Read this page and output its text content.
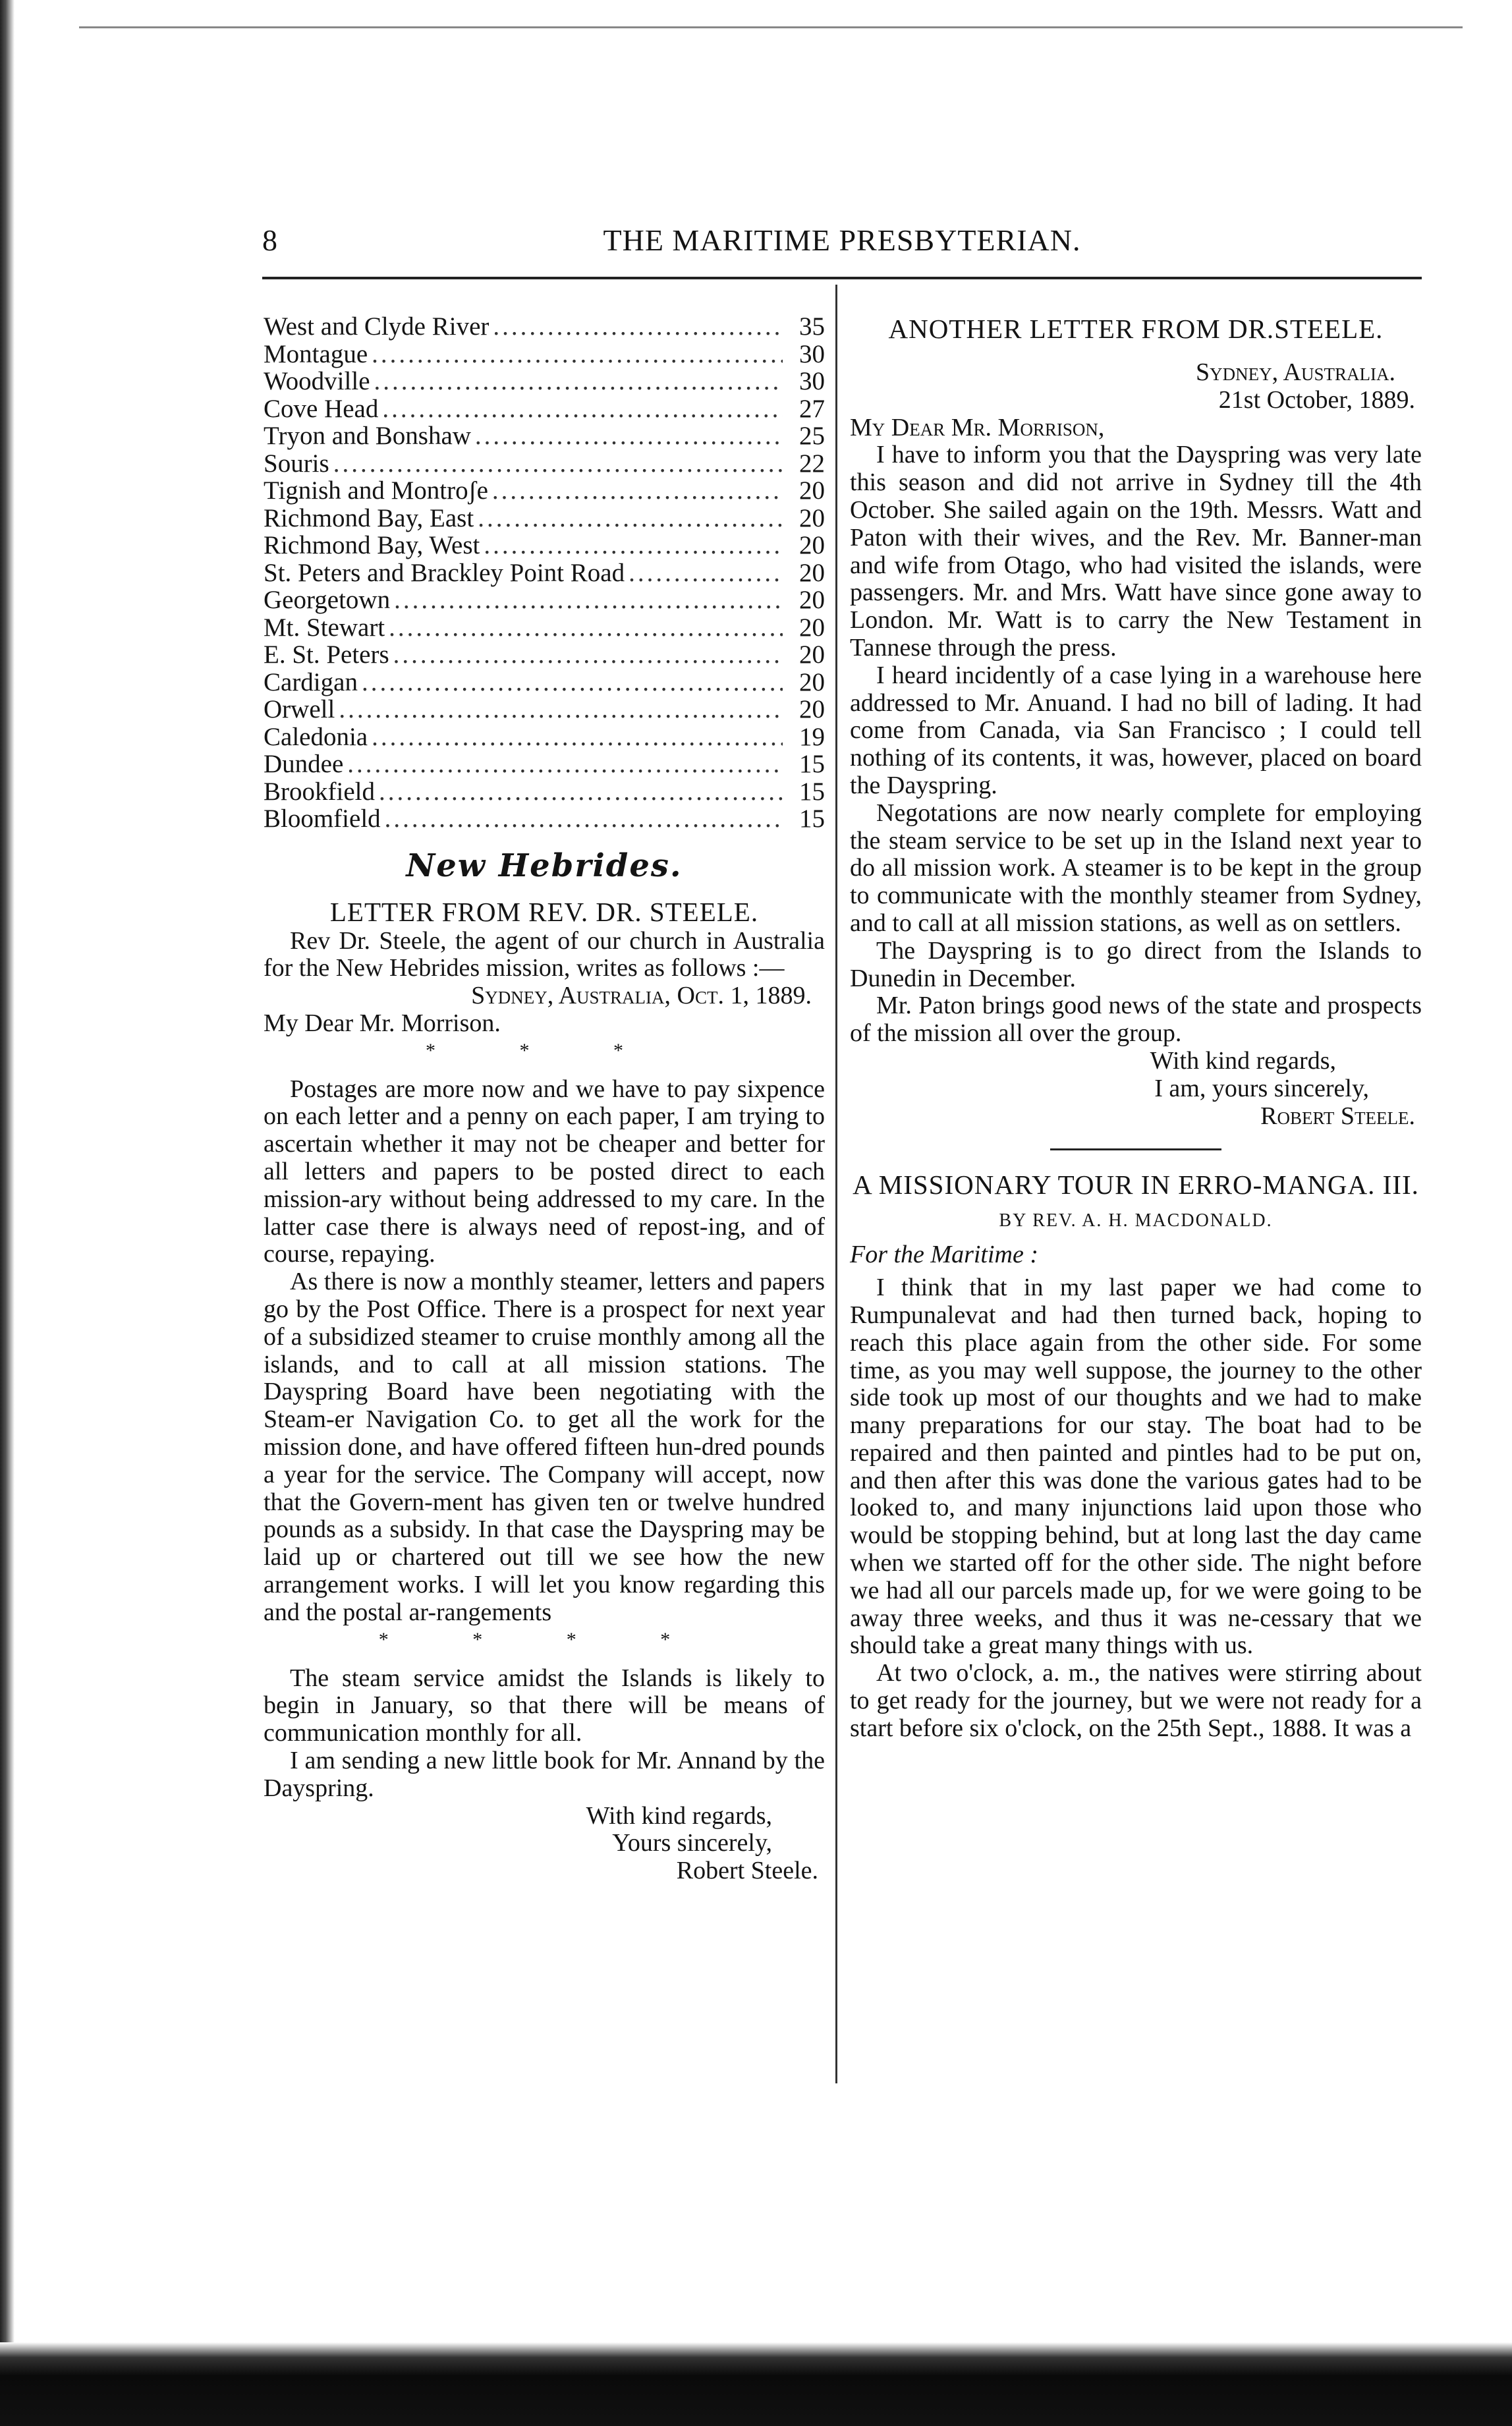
THE MARITIME PRESBYTERIAN.
8
West and Clyde River .....	35
Montague .....	30
Woodville .....	30
Cove Head .....	27
Tryon and Bonshaw .....	25
Souris .....	22
Tignish and Montroʃe .....	20
Richmond Bay, East .....	20
Richmond Bay, West .....	20
St. Peters and Brackley Point Road .....	20
Georgetown .....	20
Mt. Stewart .....	20
E. St. Peters .....	20
Cardigan .....	20
Orwell .....	20
Caledonia .....	19
Dundee .....	15
Brookfield .....	15
Bloomfield .....	15
New Hebrides.
LETTER FROM REV. DR. STEELE.

Rev Dr. Steele, the agent of our church in Australia for the New Hebrides mission, writes as follows :—

Sydney, Australia, Oct. 1, 1889.

My Dear Mr. Morrison.

* * *

Postages are more now and we have to pay sixpence on each letter and a penny on each paper, I am trying to ascertain whether it may not be cheaper and better for all letters and papers to be posted direct to each mission-ary without being addressed to my care. In the latter case there is always need of repost-ing, and of course, repaying.

As there is now a monthly steamer, letters and papers go by the Post Office. There is a prospect for next year of a subsidized steamer to cruise monthly among all the islands, and to call at all mission stations. The Dayspring Board have been negotiating with the Steam-er Navigation Co. to get all the work for the mission done, and have offered fifteen hun-dred pounds a year for the service. The Company will accept, now that the Govern-ment has given ten or twelve hundred pounds as a subsidy. In that case the Dayspring may be laid up or chartered out till we see how the new arrangement works. I will let you know regarding this and the postal ar-rangements

* * * *

The steam service amidst the Islands is likely to begin in January, so that there will be means of communication monthly for all.

I am sending a new little book for Mr. Annand by the Dayspring.

With kind regards,

Yours sincerely,

Robert Steele.

ANOTHER LETTER FROM DR.STEELE.

Sydney, Australia.

21st October, 1889.

My Dear Mr. Morrison,

I have to inform you that the Dayspring was very late this season and did not arrive in Sydney till the 4th October. She sailed again on the 19th. Messrs. Watt and Paton with their wives, and the Rev. Mr. Banner-man and wife from Otago, who had visited the islands, were passengers. Mr. and Mrs. Watt have since gone away to London. Mr. Watt is to carry the New Testament in Tannese through the press.

I heard incidently of a case lying in a warehouse here addressed to Mr. Anuand. I had no bill of lading. It had come from Canada, via San Francisco ; I could tell nothing of its contents, it was, however, placed on board the Dayspring.

Negotations are now nearly complete for employing the steam service to be set up in the Island next year to do all mission work. A steamer is to be kept in the group to communicate with the monthly steamer from Sydney, and to call at all mission stations, as well as on settlers.

The Dayspring is to go direct from the Islands to Dunedin in December.

Mr. Paton brings good news of the state and prospects of the mission all over the group.

With kind regards,

I am, yours sincerely,

Robert Steele.

A MISSIONARY TOUR IN ERRO-MANGA. III.
BY REV. A. H. MACDONALD.

For the Maritime :

I think that in my last paper we had come to Rumpunalevat and had then turned back, hoping to reach this place again from the other side. For some time, as you may well suppose, the journey to the other side took up most of our thoughts and we had to make many preparations for our stay. The boat had to be repaired and then painted and pintles had to be put on, and then after this was done the various gates had to be looked to, and many injunctions laid upon those who would be stopping behind, but at long last the day came when we started off for the other side. The night before we had all our parcels made up, for we were going to be away three weeks, and thus it was ne-cessary that we should take a great many things with us.

At two o'clock, a. m., the natives were stirring about to get ready for the journey, but we were not ready for a start before six o'clock, on the 25th Sept., 1888. It was a
